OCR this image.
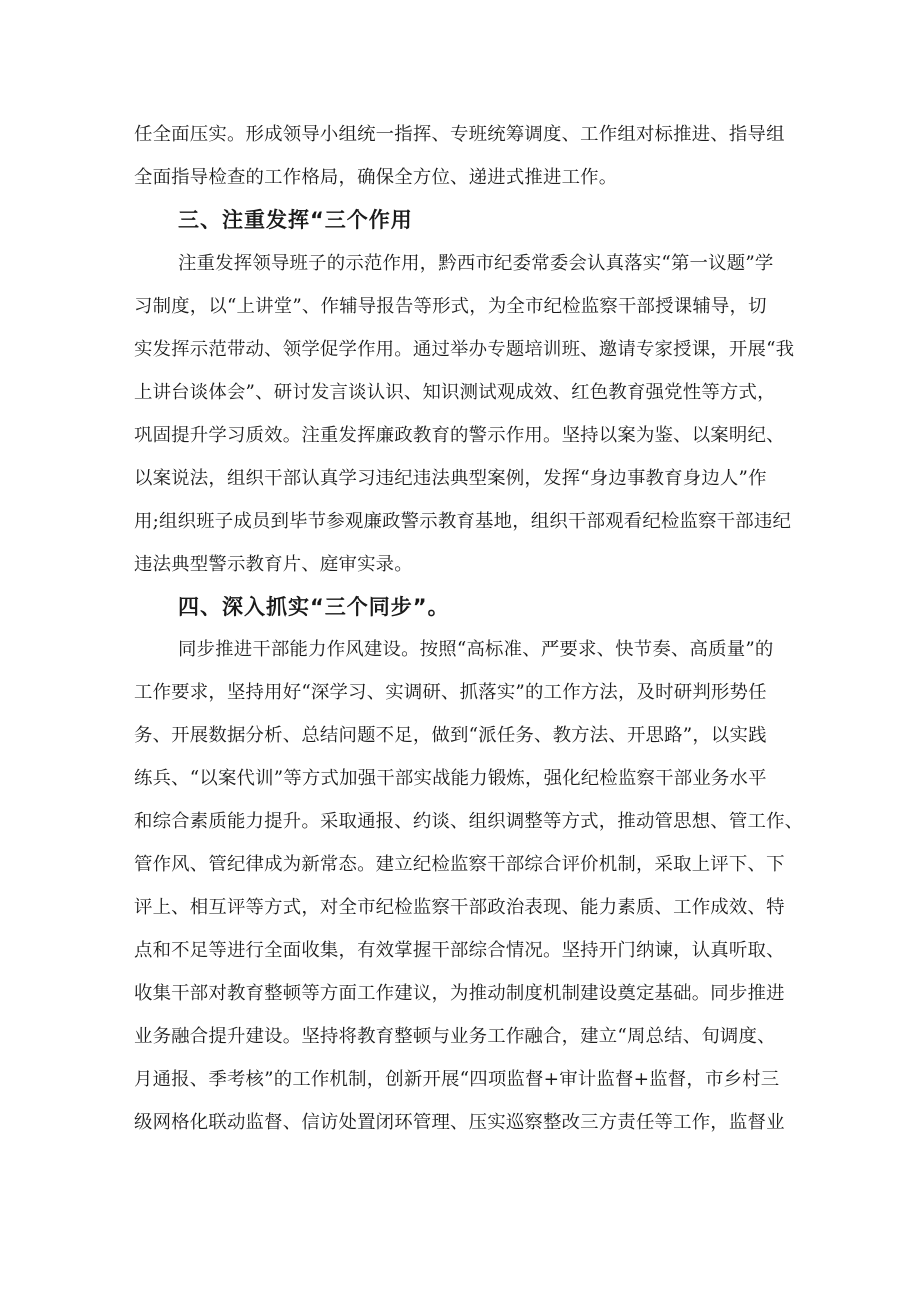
任全面压实。形成领导小组统一指挥、专班统筹调度、工作组对标推进、指导组
全面指导检查的工作格局，确保全方位、递进式推进工作。
三、注重发挥“三个作用
注重发挥领导班子的示范作用，黔西市纪委常委会认真落实“第一议题”学
习制度，以“上讲堂”、作辅导报告等形式，为全市纪检监察干部授课辅导，切
实发挥示范带动、领学促学作用。通过举办专题培训班、邀请专家授课，开展“我
上讲台谈体会”、研讨发言谈认识、知识测试观成效、红色教育强党性等方式，
巩固提升学习质效。注重发挥廉政教育的警示作用。坚持以案为鉴、以案明纪、
以案说法，组织干部认真学习违纪违法典型案例，发挥“身边事教育身边人”作
用;组织班子成员到毕节参观廉政警示教育基地，组织干部观看纪检监察干部违纪
违法典型警示教育片、庭审实录。
四、深入抓实“三个同步”。
同步推进干部能力作风建设。按照“高标准、严要求、快节奏、高质量”的
工作要求，坚持用好“深学习、实调研、抓落实”的工作方法，及时研判形势任
务、开展数据分析、总结问题不足，做到“派任务、教方法、开思路”，以实践
练兵、“以案代训”等方式加强干部实战能力锻炼，强化纪检监察干部业务水平
和综合素质能力提升。采取通报、约谈、组织调整等方式，推动管思想、管工作、
管作风、管纪律成为新常态。建立纪检监察干部综合评价机制，采取上评下、下
评上、相互评等方式，对全市纪检监察干部政治表现、能力素质、工作成效、特
点和不足等进行全面收集，有效掌握干部综合情况。坚持开门纳谏，认真听取、
收集干部对教育整顿等方面工作建议，为推动制度机制建设奠定基础。同步推进
业务融合提升建设。坚持将教育整顿与业务工作融合，建立“周总结、旬调度、
月通报、季考核”的工作机制，创新开展“四项监督+审计监督+监督，市乡村三
级网格化联动监督、信访处置闭环管理、压实巡察整改三方责任等工作，监督业
